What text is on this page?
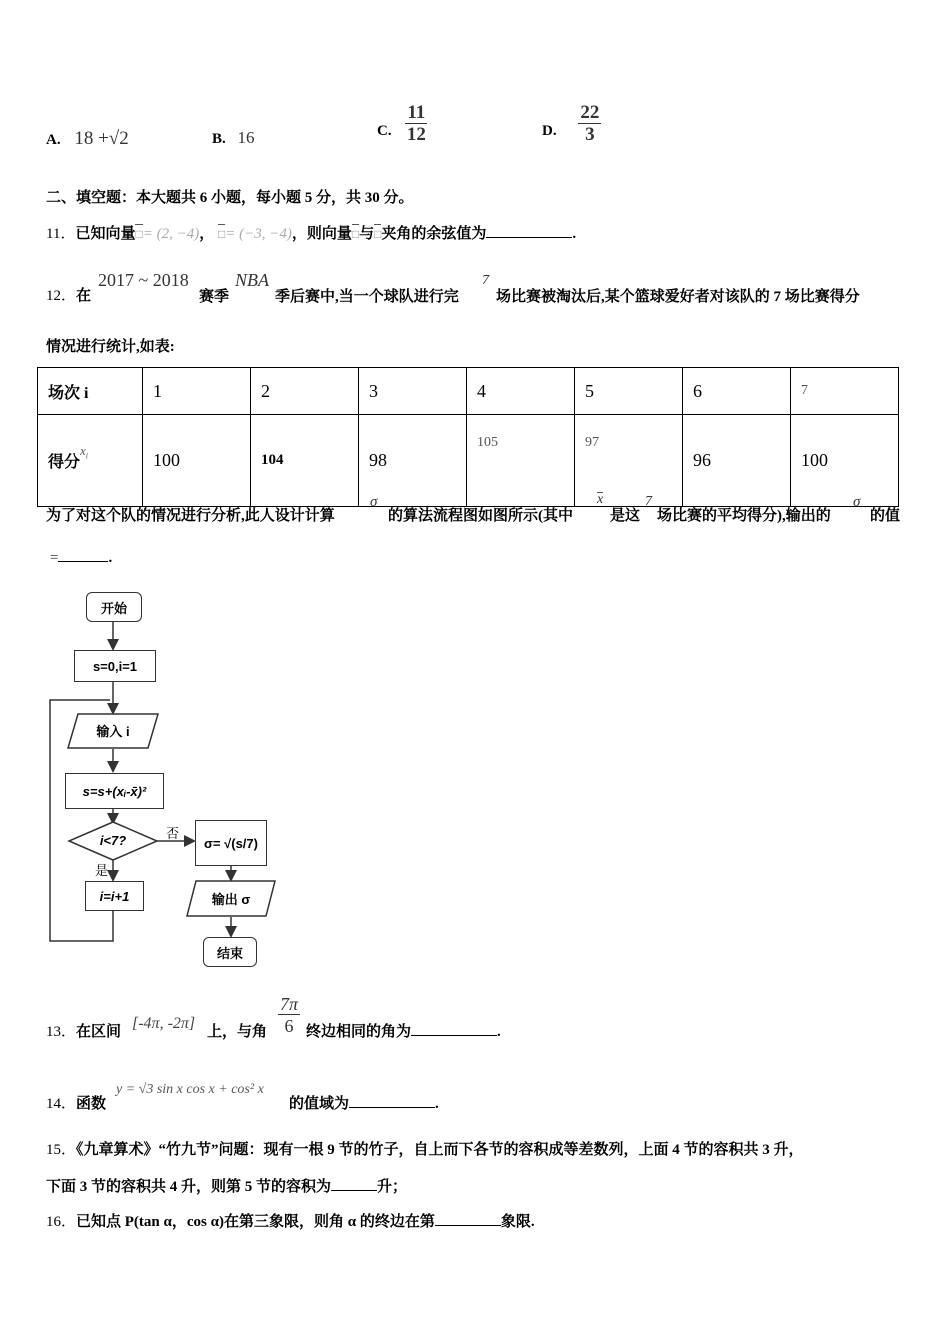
A. 18 +√2	B. 16	C. $\frac{11}{12}$	D. $\frac{22}{3}$
二、填空题：本大题共 6 小题，每小题 5 分，共 30 分。
11．已知向量□= (2, −4)， □= (−3, −4)，则向量□与□夹角的余弦值为	.
12．在
2017 ~ 2018
赛季
NBA
季后赛中,当一个球队进行完
7
场比赛被淘汰后,某个篮球爱好者对该队的 7 场比赛得分
情况进行统计,如表:
场次 i	1	2	3	4	5	6	7
得分$^{x_i}$	100	104	98	105	97	96	100
为了对这个队的情况进行分析,此人设计计算
σ
的算法流程图如图所示(其中
x
是这
7
场比赛的平均得分),输出的
σ
的值
=	.
开始
s=0,i=1
输入 i
s=s+(xᵢ-x̄)²
i<7?	否
是
i=i+1
σ= √(s/7)
输出 σ
结束
13．在区间 [-4π, -2π] 上，与角 $\frac{7\pi}{6}$ 终边相同的角为	.
14．函数
y = √3 sin x cos x + cos² x
的值域为	.
15．《九章算术》“竹九节”问题：现有一根 9 节的竹子，自上而下各节的容积成等差数列，上面 4 节的容积共 3 升，
下面 3 节的容积共 4 升，则第 5 节的容积为	升；
16．已知点 P(tan α，cos α)在第三象限，则角 α 的终边在第	象限.
